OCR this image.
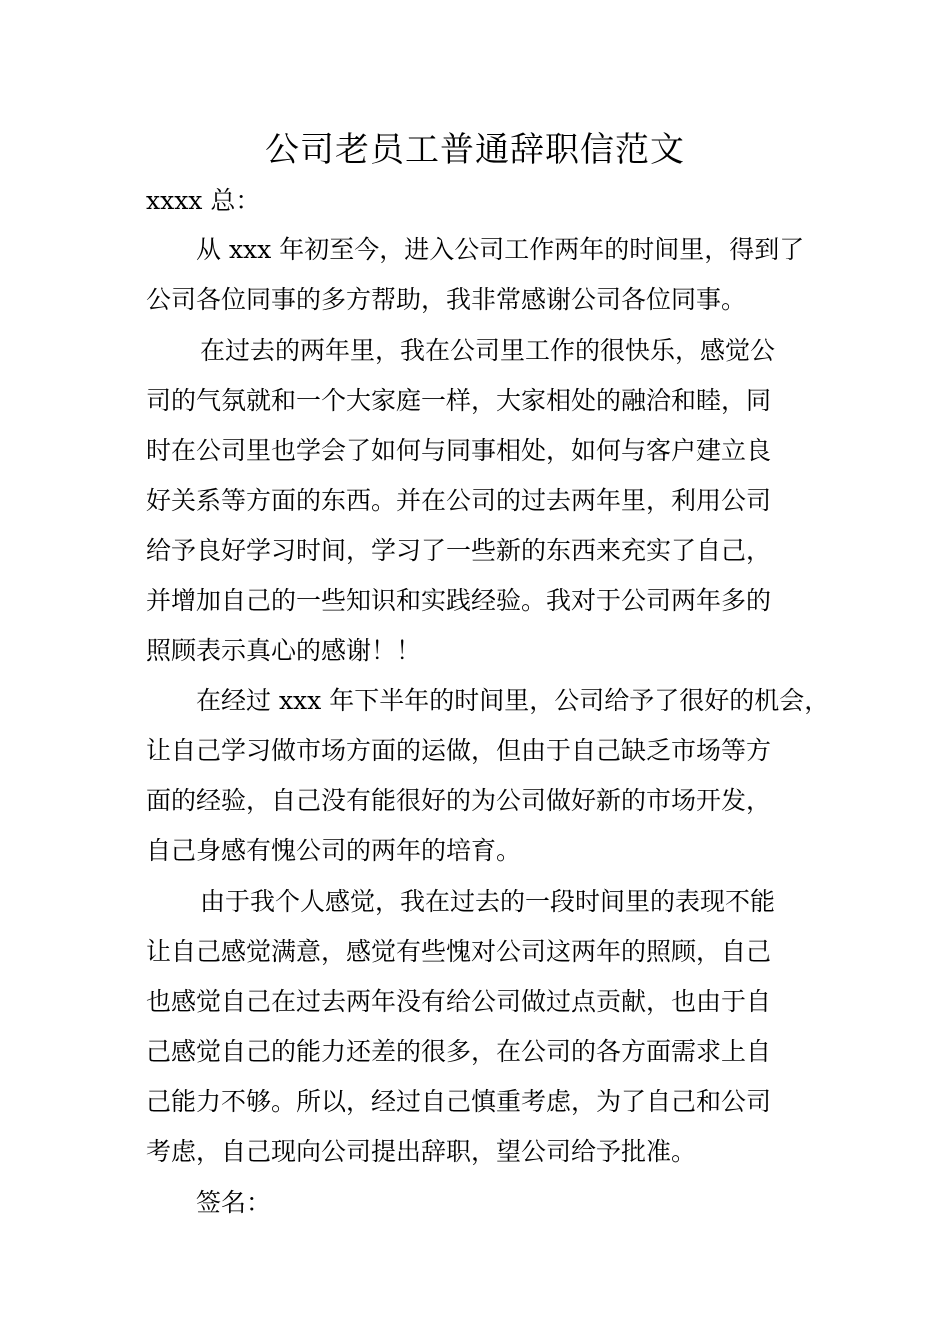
公司老员工普通辞职信范文
xxxx 总：
从 xxx 年初至今，进入公司工作两年的时间里，得到了
公司各位同事的多方帮助，我非常感谢公司各位同事。
在过去的两年里，我在公司里工作的很快乐，感觉公
司的气氛就和一个大家庭一样，大家相处的融洽和睦，同
时在公司里也学会了如何与同事相处，如何与客户建立良
好关系等方面的东西。并在公司的过去两年里，利用公司
给予良好学习时间，学习了一些新的东西来充实了自己，
并增加自己的一些知识和实践经验。我对于公司两年多的
照顾表示真心的感谢！！
在经过 xxx 年下半年的时间里，公司给予了很好的机会，
让自己学习做市场方面的运做，但由于自己缺乏市场等方
面的经验，自己没有能很好的为公司做好新的市场开发，
自己身感有愧公司的两年的培育。
由于我个人感觉，我在过去的一段时间里的表现不能
让自己感觉满意，感觉有些愧对公司这两年的照顾，自己
也感觉自己在过去两年没有给公司做过点贡献，也由于自
己感觉自己的能力还差的很多，在公司的各方面需求上自
己能力不够。所以，经过自己慎重考虑，为了自己和公司
考虑，自己现向公司提出辞职，望公司给予批准。
签名：
